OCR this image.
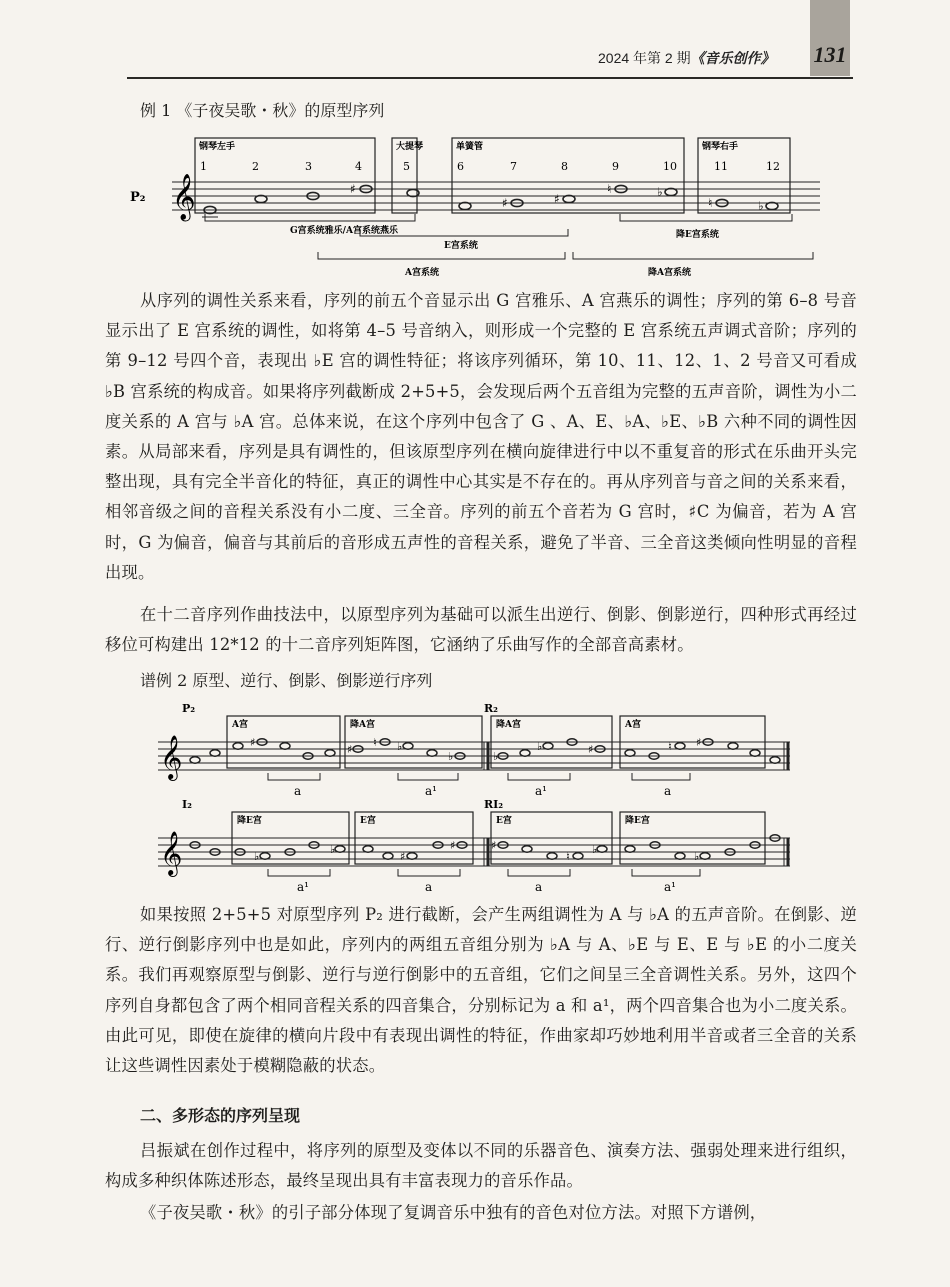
131
2024 年第 2 期《音乐创作》
例 1 《子夜吴歌・秋》的原型序列
P₂ 𝄞
钢琴左手	大提琴	单簧管	钢琴右手
1	2	3	4	5	6	7	8	9	10	11	12
♯
♯	♯
♮	♭
♮	♭
G宫系统雅乐/A宫系统燕乐	降E宫系统
E宫系统
A宫系统	降A宫系统
从序列的调性关系来看，序列的前五个音显示出 G 宫雅乐、A 宫燕乐的调性；序列的第 6–8 号音显示出了 E 宫系统的调性，如将第 4–5 号音纳入，则形成一个完整的 E 宫系统五声调式音阶；序列的第 9–12 号四个音，表现出 ♭E 宫的调性特征；将该序列循环，第 10、11、12、1、2 号音又可看成 ♭B 宫系统的构成音。如果将序列截断成 2+5+5，会发现后两个五音组为完整的五声音阶，调性为小二度关系的 A 宫与 ♭A 宫。总体来说，在这个序列中包含了 G 、A、E、♭A、♭E、♭B 六种不同的调性因素。从局部来看，序列是具有调性的，但该原型序列在横向旋律进行中以不重复音的形式在乐曲开头完整出现，具有完全半音化的特征，真正的调性中心其实是不存在的。再从序列音与音之间的关系来看，相邻音级之间的音程关系没有小二度、三全音。序列的前五个音若为 G 宫时，♯C 为偏音，若为 A 宫时，G 为偏音，偏音与其前后的音形成五声性的音程关系，避免了半音、三全音这类倾向性明显的音程出现。
在十二音序列作曲技法中，以原型序列为基础可以派生出逆行、倒影、倒影逆行，四种形式再经过移位可构建出 12*12 的十二音序列矩阵图，它涵纳了乐曲写作的全部音高素材。
谱例 2 原型、逆行、倒影、倒影逆行序列
𝄞
P₂	R₂
A宫	降A宫	降A宫	A宫
♯
♯
♮ ♭
♭	♭
♭	♯	♮ ♯
a	a¹	a¹	a
𝄞
I₂	RI₂
降E宫	E宫	E宫	降E宫
♭
♭
♯
♯	♯
♮
♭
♭
a¹	a	a	a¹
如果按照 2+5+5 对原型序列 P₂ 进行截断，会产生两组调性为 A 与 ♭A 的五声音阶。在倒影、逆行、逆行倒影序列中也是如此，序列内的两组五音组分别为 ♭A 与 A、♭E 与 E、E 与 ♭E 的小二度关系。我们再观察原型与倒影、逆行与逆行倒影中的五音组，它们之间呈三全音调性关系。另外，这四个序列自身都包含了两个相同音程关系的四音集合，分别标记为 a 和 a¹，两个四音集合也为小二度关系。由此可见，即使在旋律的横向片段中有表现出调性的特征，作曲家却巧妙地利用半音或者三全音的关系让这些调性因素处于模糊隐蔽的状态。
二、多形态的序列呈现
吕振斌在创作过程中，将序列的原型及变体以不同的乐器音色、演奏方法、强弱处理来进行组织，构成多种织体陈述形态，最终呈现出具有丰富表现力的音乐作品。
《子夜吴歌・秋》的引子部分体现了复调音乐中独有的音色对位方法。对照下方谱例，
